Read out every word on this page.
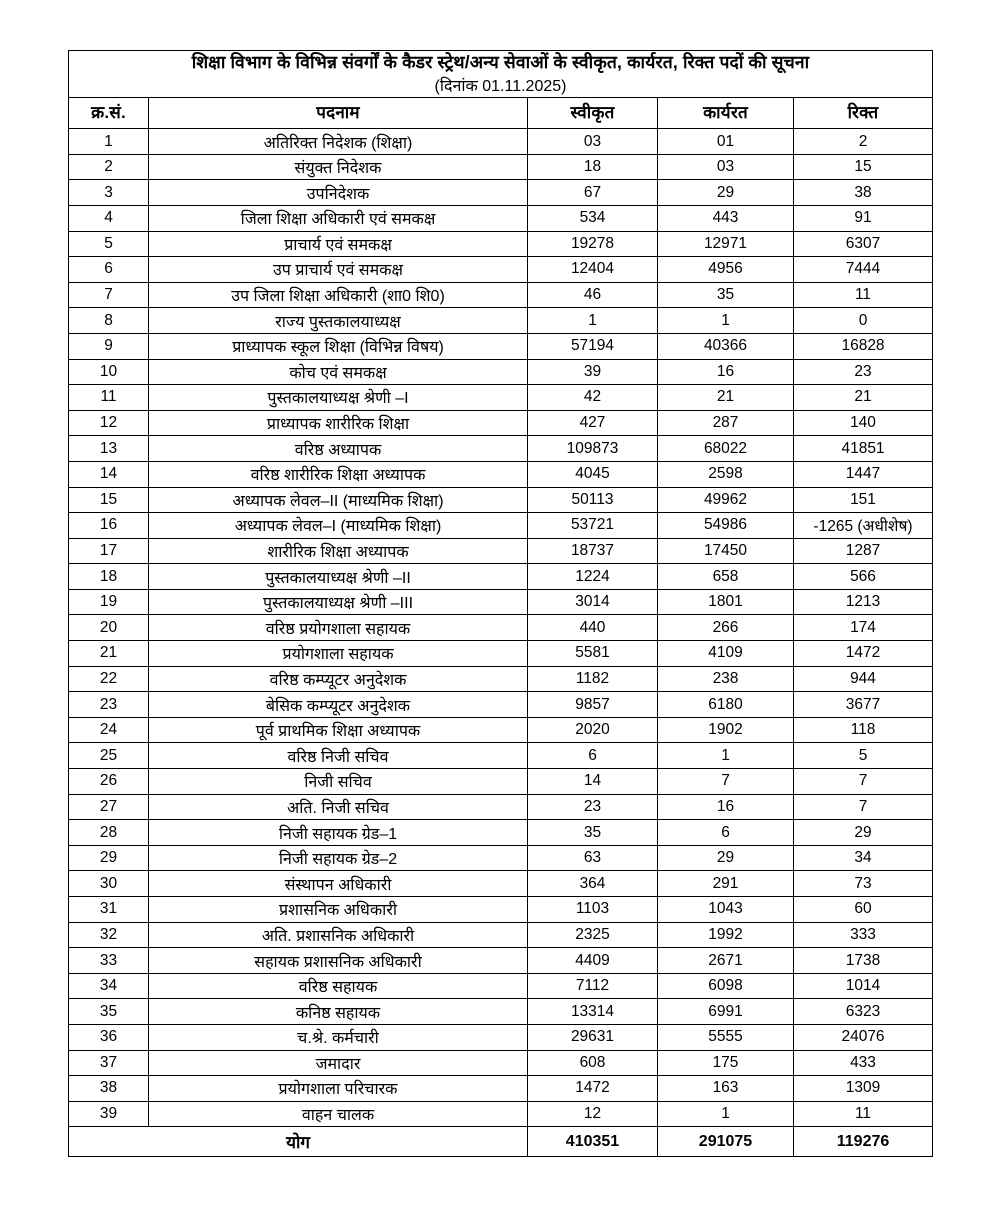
शिक्षा विभाग के विभिन्न संवर्गों के कैडर स्ट्रेथ/अन्य सेवाओं के स्वीकृत, कार्यरत, रिक्त पदों की सूचना
(दिनांक 01.11.2025)				

क्र.सं.	पदनाम	स्वीकृत	कार्यरत	रिक्त
1	अतिरिक्त निदेशक (शिक्षा)	03	01	2
2	संयुक्त निदेशक	18	03	15
3	उपनिदेशक	67	29	38
4	जिला शिक्षा अधिकारी एवं समकक्ष	534	443	91
5	प्राचार्य एवं समकक्ष	19278	12971	6307
6	उप प्राचार्य एवं समकक्ष	12404	4956	7444
7	उप जिला शिक्षा अधिकारी (शा0 शि0)	46	35	11
8	राज्य पुस्तकालयाध्यक्ष	1	1	0
9	प्राध्यापक स्कूल शिक्षा (विभिन्न विषय)	57194	40366	16828
10	कोच एवं समकक्ष	39	16	23
11	पुस्तकालयाध्यक्ष श्रेणी –I	42	21	21
12	प्राध्यापक शारीरिक शिक्षा	427	287	140
13	वरिष्ठ अध्यापक	109873	68022	41851
14	वरिष्ठ शारीरिक शिक्षा अध्यापक	4045	2598	1447
15	अध्यापक लेवल–II (माध्यमिक शिक्षा)	50113	49962	151
16	अध्यापक लेवल–I (माध्यमिक शिक्षा)	53721	54986	-1265 (अधीशेष)
17	शारीरिक शिक्षा अध्यापक	18737	17450	1287
18	पुस्तकालयाध्यक्ष श्रेणी –II	1224	658	566
19	पुस्तकालयाध्यक्ष श्रेणी –III	3014	1801	1213
20	वरिष्ठ प्रयोगशाला सहायक	440	266	174
21	प्रयोगशाला सहायक	5581	4109	1472
22	वरिष्ठ कम्प्यूटर अनुदेशक	1182	238	944
23	बेसिक कम्प्यूटर अनुदेशक	9857	6180	3677
24	पूर्व प्राथमिक शिक्षा अध्यापक	2020	1902	118
25	वरिष्ठ निजी सचिव	6	1	5
26	निजी सचिव	14	7	7
27	अति. निजी सचिव	23	16	7
28	निजी सहायक ग्रेड–1	35	6	29
29	निजी सहायक ग्रेड–2	63	29	34
30	संस्थापन अधिकारी	364	291	73
31	प्रशासनिक अधिकारी	1103	1043	60
32	अति. प्रशासनिक अधिकारी	2325	1992	333
33	सहायक प्रशासनिक अधिकारी	4409	2671	1738
34	वरिष्ठ सहायक	7112	6098	1014
35	कनिष्ठ सहायक	13314	6991	6323
36	च.श्रे. कर्मचारी	29631	5555	24076
37	जमादार	608	175	433
38	प्रयोगशाला परिचारक	1472	163	1309
39	वाहन चालक	12	1	11
योग		410351	291075	119276
